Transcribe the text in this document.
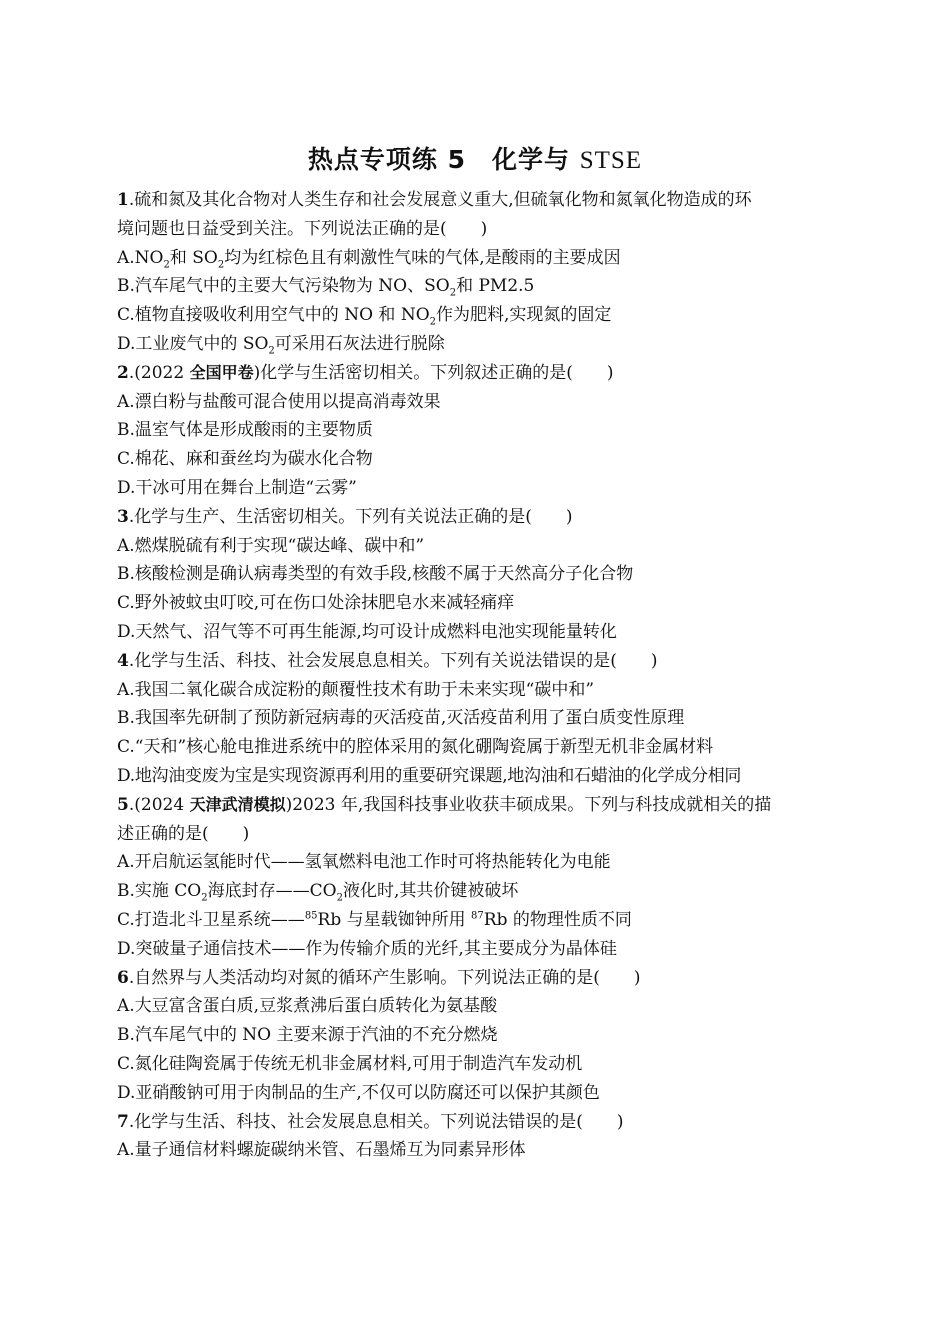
热点专项练 5　化学与 STSE
1.硫和氮及其化合物对人类生存和社会发展意义重大,但硫氧化物和氮氧化物造成的环
境问题也日益受到关注。下列说法正确的是(　　)
$A.NO_2$和 $SO_2$均为红棕色且有刺激性气味的气体,是酸雨的主要成因
B.汽车尾气中的主要大气污染物为 NO、$SO_2$和 PM2.5
C.植物直接吸收利用空气中的 NO 和 $NO_2$作为肥料,实现氮的固定
D.工业废气中的 $SO_2$可采用石灰法进行脱除
2.(2022 全国甲卷)化学与生活密切相关。下列叙述正确的是(　　)
A.漂白粉与盐酸可混合使用以提高消毒效果
B.温室气体是形成酸雨的主要物质
C.棉花、麻和蚕丝均为碳水化合物
D.干冰可用在舞台上制造“云雾”
3.化学与生产、生活密切相关。下列有关说法正确的是(　　)
A.燃煤脱硫有利于实现“碳达峰、碳中和”
B.核酸检测是确认病毒类型的有效手段,核酸不属于天然高分子化合物
C.野外被蚊虫叮咬,可在伤口处涂抹肥皂水来减轻痛痒
D.天然气、沼气等不可再生能源,均可设计成燃料电池实现能量转化
4.化学与生活、科技、社会发展息息相关。下列有关说法错误的是(　　)
A.我国二氧化碳合成淀粉的颠覆性技术有助于未来实现“碳中和”
B.我国率先研制了预防新冠病毒的灭活疫苗,灭活疫苗利用了蛋白质变性原理
C.“天和”核心舱电推进系统中的腔体采用的氮化硼陶瓷属于新型无机非金属材料
D.地沟油变废为宝是实现资源再利用的重要研究课题,地沟油和石蜡油的化学成分相同
5.(2024 天津武清模拟)2023 年,我国科技事业收获丰硕成果。下列与科技成就相关的描
述正确的是(　　)
A.开启航运氢能时代——氢氧燃料电池工作时可将热能转化为电能
B.实施 $CO_2$海底封存$——CO_2$液化时,其共价键被破坏
C.打造北斗卫星系统——$^{85}$Rb 与星载铷钟所用 $^{87}$Rb 的物理性质不同
D.突破量子通信技术——作为传输介质的光纤,其主要成分为晶体硅
6.自然界与人类活动均对氮的循环产生影响。下列说法正确的是(　　)
A.大豆富含蛋白质,豆浆煮沸后蛋白质转化为氨基酸
B.汽车尾气中的 NO 主要来源于汽油的不充分燃烧
C.氮化硅陶瓷属于传统无机非金属材料,可用于制造汽车发动机
D.亚硝酸钠可用于肉制品的生产,不仅可以防腐还可以保护其颜色
7.化学与生活、科技、社会发展息息相关。下列说法错误的是(　　)
A.量子通信材料螺旋碳纳米管、石墨烯互为同素异形体
